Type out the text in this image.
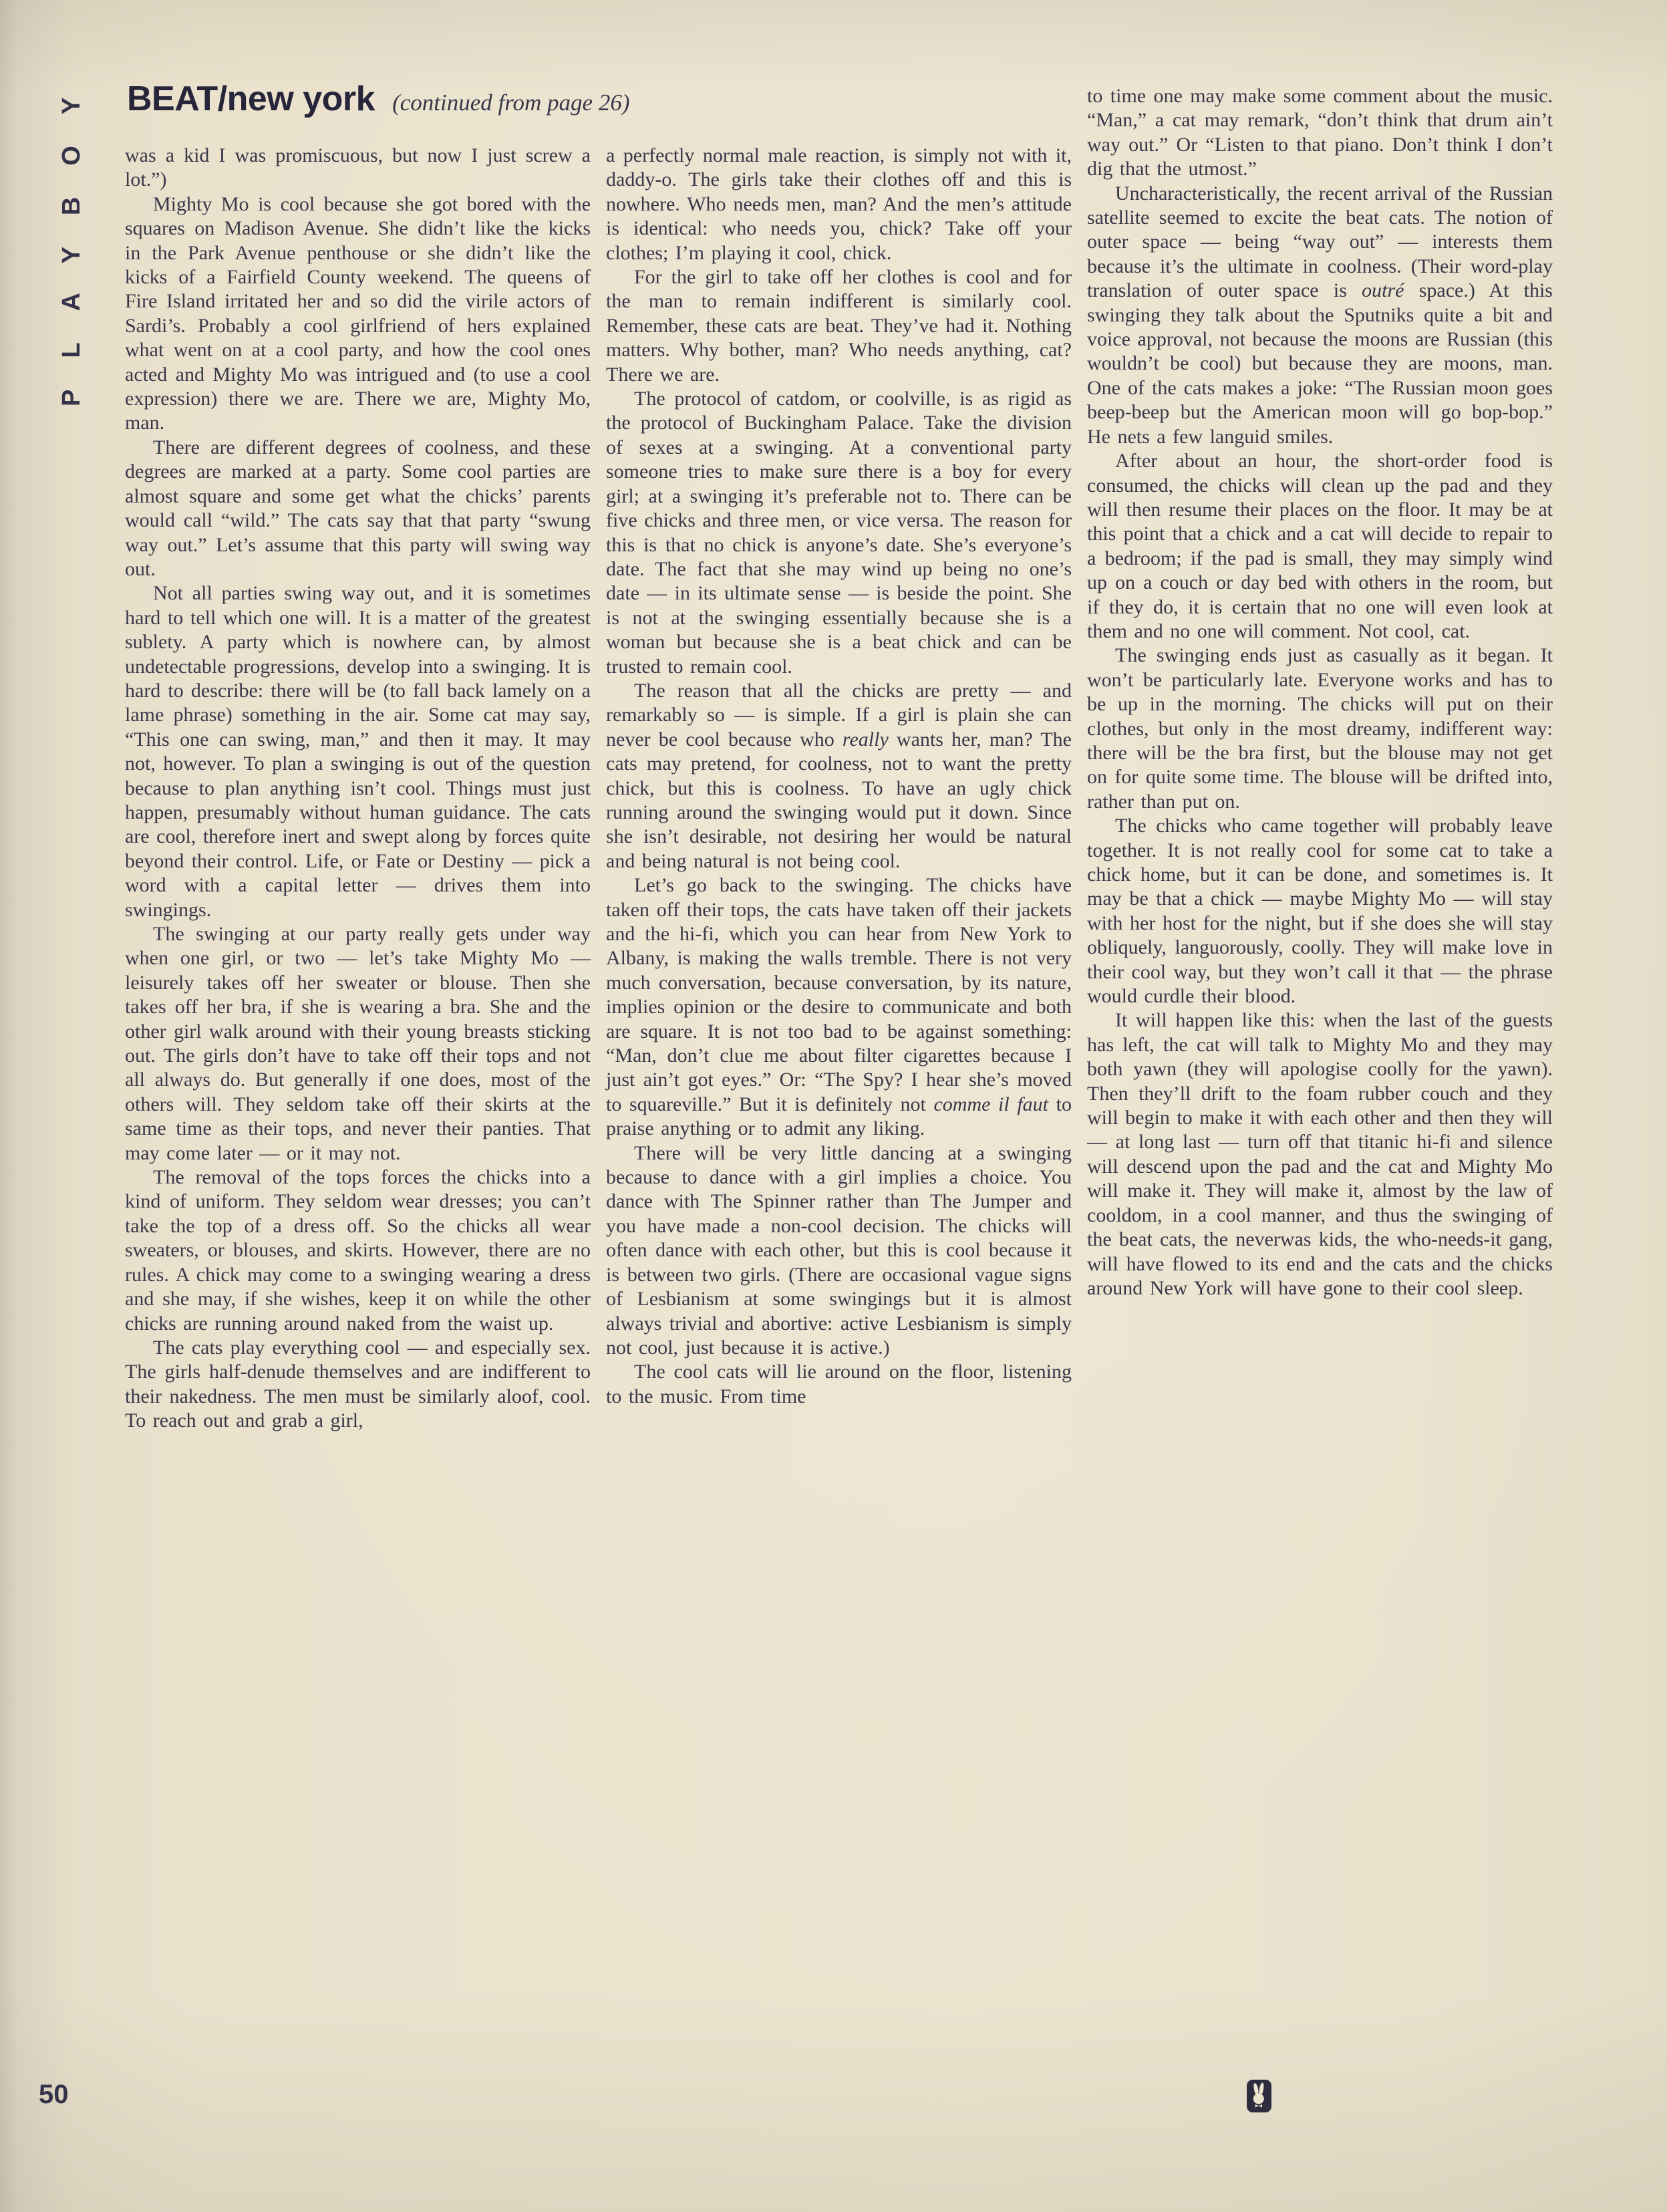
PLAYBOY BEAT/new york (continued from page 26)

was a kid I was promiscuous, but now I just screw a lot.”)

Mighty Mo is cool because she got bored with the squares on Madison Avenue. She didn’t like the kicks in the Park Avenue penthouse or she didn’t like the kicks of a Fairfield County weekend. The queens of Fire Island irritated her and so did the virile actors of Sardi’s. Probably a cool girlfriend of hers explained what went on at a cool party, and how the cool ones acted and Mighty Mo was intrigued and (to use a cool expression) there we are. There we are, Mighty Mo, man.

There are different degrees of coolness, and these degrees are marked at a party. Some cool parties are almost square and some get what the chicks’ parents would call “wild.” The cats say that that party “swung way out.” Let’s assume that this party will swing way out.

Not all parties swing way out, and it is sometimes hard to tell which one will. It is a matter of the greatest sublety. A party which is nowhere can, by almost undetectable progressions, develop into a swinging. It is hard to describe: there will be (to fall back lamely on a lame phrase) something in the air. Some cat may say, “This one can swing, man,” and then it may. It may not, however. To plan a swinging is out of the question because to plan anything isn’t cool. Things must just happen, presumably without human guidance. The cats are cool, therefore inert and swept along by forces quite beyond their control. Life, or Fate or Destiny — pick a word with a capital letter — drives them into swingings.

The swinging at our party really gets under way when one girl, or two — let’s take Mighty Mo — leisurely takes off her sweater or blouse. Then she takes off her bra, if she is wearing a bra. She and the other girl walk around with their young breasts sticking out. The girls don’t have to take off their tops and not all always do. But generally if one does, most of the others will. They seldom take off their skirts at the same time as their tops, and never their panties. That may come later — or it may not.

The removal of the tops forces the chicks into a kind of uniform. They seldom wear dresses; you can’t take the top of a dress off. So the chicks all wear sweaters, or blouses, and skirts. However, there are no rules. A chick may come to a swinging wearing a dress and she may, if she wishes, keep it on while the other chicks are running around naked from the waist up.

The cats play everything cool — and especially sex. The girls half-denude themselves and are indifferent to their nakedness. The men must be similarly aloof, cool. To reach out and grab a girl,

a perfectly normal male reaction, is simply not with it, daddy-o. The girls take their clothes off and this is nowhere. Who needs men, man? And the men’s attitude is identical: who needs you, chick? Take off your clothes; I’m playing it cool, chick.

For the girl to take off her clothes is cool and for the man to remain indifferent is similarly cool. Remember, these cats are beat. They’ve had it. Nothing matters. Why bother, man? Who needs anything, cat? There we are.

The protocol of catdom, or coolville, is as rigid as the protocol of Buckingham Palace. Take the division of sexes at a swinging. At a conventional party someone tries to make sure there is a boy for every girl; at a swinging it’s preferable not to. There can be five chicks and three men, or vice versa. The reason for this is that no chick is anyone’s date. She’s everyone’s date. The fact that she may wind up being no one’s date — in its ultimate sense — is beside the point. She is not at the swinging essentially because she is a woman but because she is a beat chick and can be trusted to remain cool.

The reason that all the chicks are pretty — and remarkably so — is simple. If a girl is plain she can never be cool because who really wants her, man? The cats may pretend, for coolness, not to want the pretty chick, but this is coolness. To have an ugly chick running around the swinging would put it down. Since she isn’t desirable, not desiring her would be natural and being natural is not being cool.

Let’s go back to the swinging. The chicks have taken off their tops, the cats have taken off their jackets and the hi-fi, which you can hear from New York to Albany, is making the walls tremble. There is not very much conversation, because conversation, by its nature, implies opinion or the desire to communicate and both are square. It is not too bad to be against something: “Man, don’t clue me about filter cigarettes because I just ain’t got eyes.” Or: “The Spy? I hear she’s moved to squareville.” But it is definitely not comme il faut to praise anything or to admit any liking.

There will be very little dancing at a swinging because to dance with a girl implies a choice. You dance with The Spinner rather than The Jumper and you have made a non-cool decision. The chicks will often dance with each other, but this is cool because it is between two girls. (There are occasional vague signs of Lesbianism at some swingings but it is almost always trivial and abortive: active Lesbianism is simply not cool, just because it is active.)

The cool cats will lie around on the floor, listening to the music. From time

to time one may make some comment about the music. “Man,” a cat may remark, “don’t think that drum ain’t way out.” Or “Listen to that piano. Don’t think I don’t dig that the utmost.”

Uncharacteristically, the recent arrival of the Russian satellite seemed to excite the beat cats. The notion of outer space — being “way out” — interests them because it’s the ultimate in coolness. (Their word-play translation of outer space is outré space.) At this swinging they talk about the Sputniks quite a bit and voice approval, not because the moons are Russian (this wouldn’t be cool) but because they are moons, man. One of the cats makes a joke: “The Russian moon goes beep-beep but the American moon will go bop-bop.” He nets a few languid smiles.

After about an hour, the short-order food is consumed, the chicks will clean up the pad and they will then resume their places on the floor. It may be at this point that a chick and a cat will decide to repair to a bedroom; if the pad is small, they may simply wind up on a couch or day bed with others in the room, but if they do, it is certain that no one will even look at them and no one will comment. Not cool, cat.

The swinging ends just as casually as it began. It won’t be particularly late. Everyone works and has to be up in the morning. The chicks will put on their clothes, but only in the most dreamy, indifferent way: there will be the bra first, but the blouse may not get on for quite some time. The blouse will be drifted into, rather than put on.

The chicks who came together will probably leave together. It is not really cool for some cat to take a chick home, but it can be done, and sometimes is. It may be that a chick — maybe Mighty Mo — will stay with her host for the night, but if she does she will stay obliquely, languorously, coolly. They will make love in their cool way, but they won’t call it that — the phrase would curdle their blood.

It will happen like this: when the last of the guests has left, the cat will talk to Mighty Mo and they may both yawn (they will apologise coolly for the yawn). Then they’ll drift to the foam rubber couch and they will begin to make it with each other and then they will — at long last — turn off that titanic hi-fi and silence will descend upon the pad and the cat and Mighty Mo will make it. They will make it, almost by the law of cooldom, in a cool manner, and thus the swinging of the beat cats, the neverwas kids, the who-needs-it gang, will have flowed to its end and the cats and the chicks around New York will have gone to their cool sleep.

50
